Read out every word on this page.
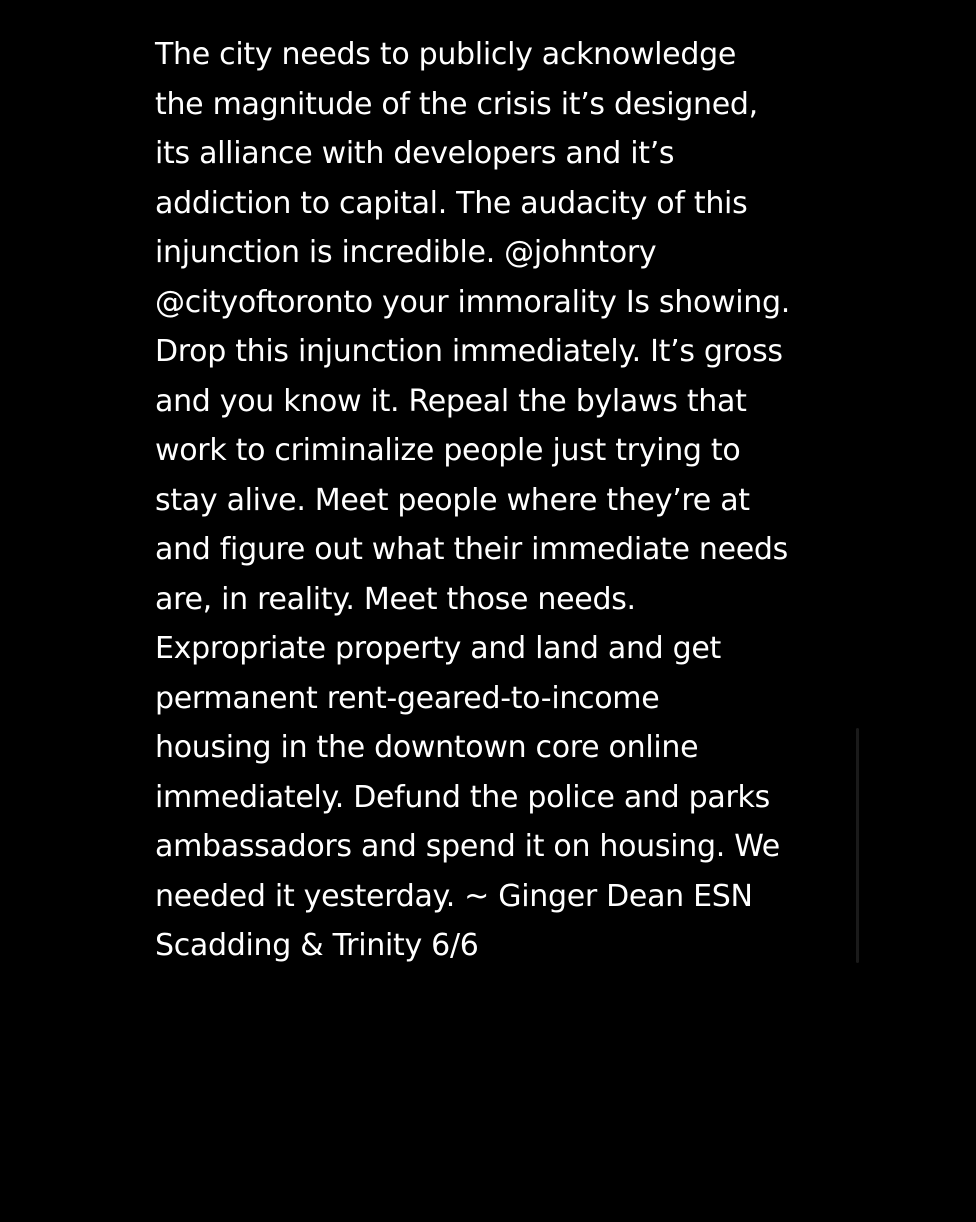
The city needs to publicly acknowledge
the magnitude of the crisis it’s designed,
its alliance with developers and it’s
addiction to capital. The audacity of this
injunction is incredible. @johntory
@cityoftoronto your immorality Is showing.
Drop this injunction immediately. It’s gross
and you know it. Repeal the bylaws that
work to criminalize people just trying to
stay alive. Meet people where they’re at
and figure out what their immediate needs
are, in reality. Meet those needs.
Expropriate property and land and get
permanent rent-geared-to-income
housing in the downtown core online
immediately. Defund the police and parks
ambassadors and spend it on housing. We
needed it yesterday. ~ Ginger Dean ESN
Scadding & Trinity 6/6
